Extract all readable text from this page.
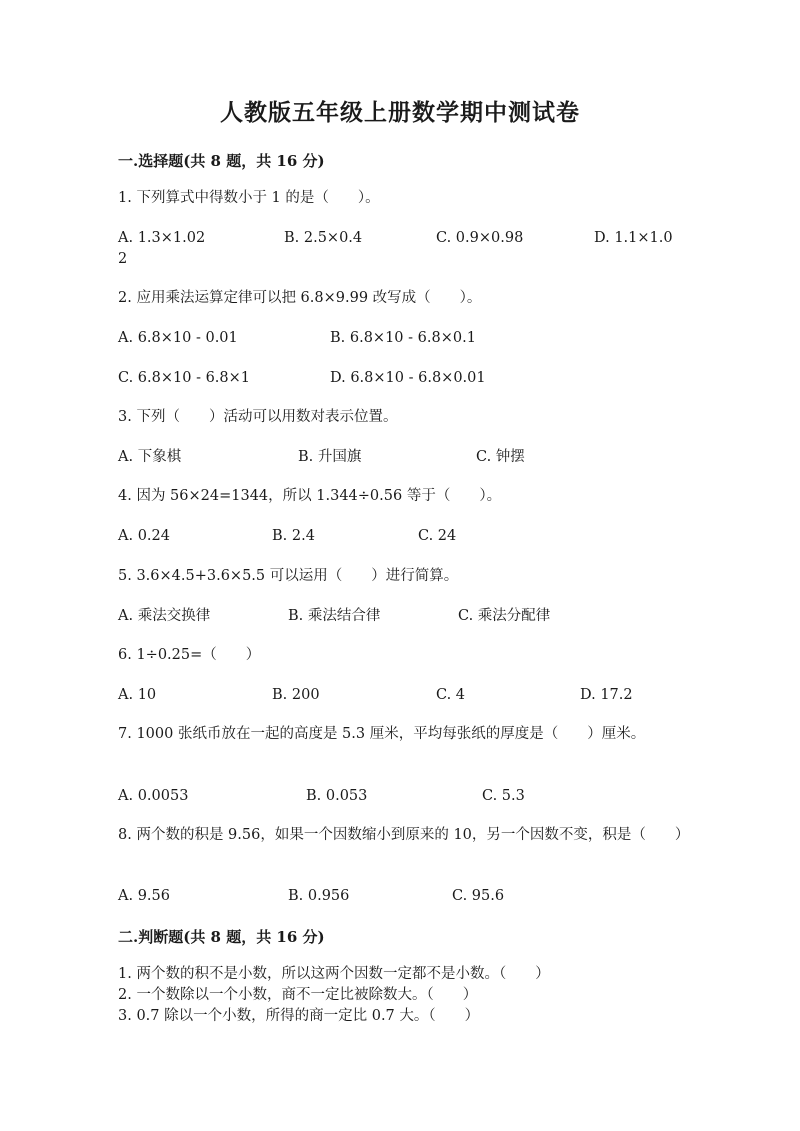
人教版五年级上册数学期中测试卷
一.选择题(共 8 题，共 16 分)
1. 下列算式中得数小于 1 的是（　　）。
A. 1.3×1.02	B. 2.5×0.4	C. 0.9×0.98	D. 1.1×1.0
2
2. 应用乘法运算定律可以把 6.8×9.99 改写成（　　）。
A. 6.8×10 - 0.01	B. 6.8×10 - 6.8×0.1
C. 6.8×10 - 6.8×1	D. 6.8×10 - 6.8×0.01
3. 下列（　　）活动可以用数对表示位置。
A. 下象棋	B. 升国旗	C. 钟摆
4. 因为 56×24=1344，所以 1.344÷0.56 等于（　　）。
A. 0.24	B. 2.4	C. 24
5. 3.6×4.5+3.6×5.5 可以运用（　　）进行简算。
A. 乘法交换律	B. 乘法结合律	C. 乘法分配律
6. 1÷0.25=（　　）
A. 10	B. 200	C. 4	D. 17.2
7. 1000 张纸币放在一起的高度是 5.3 厘米，平均每张纸的厚度是（　　）厘米。
A. 0.0053	B. 0.053	C. 5.3
8. 两个数的积是 9.56，如果一个因数缩小到原来的 10，另一个因数不变，积是（　　）
A. 9.56	B. 0.956	C. 95.6
二.判断题(共 8 题，共 16 分)
1. 两个数的积不是小数，所以这两个因数一定都不是小数。（　　）
2. 一个数除以一个小数，商不一定比被除数大。（　　）
3. 0.7 除以一个小数，所得的商一定比 0.7 大。（　　）
